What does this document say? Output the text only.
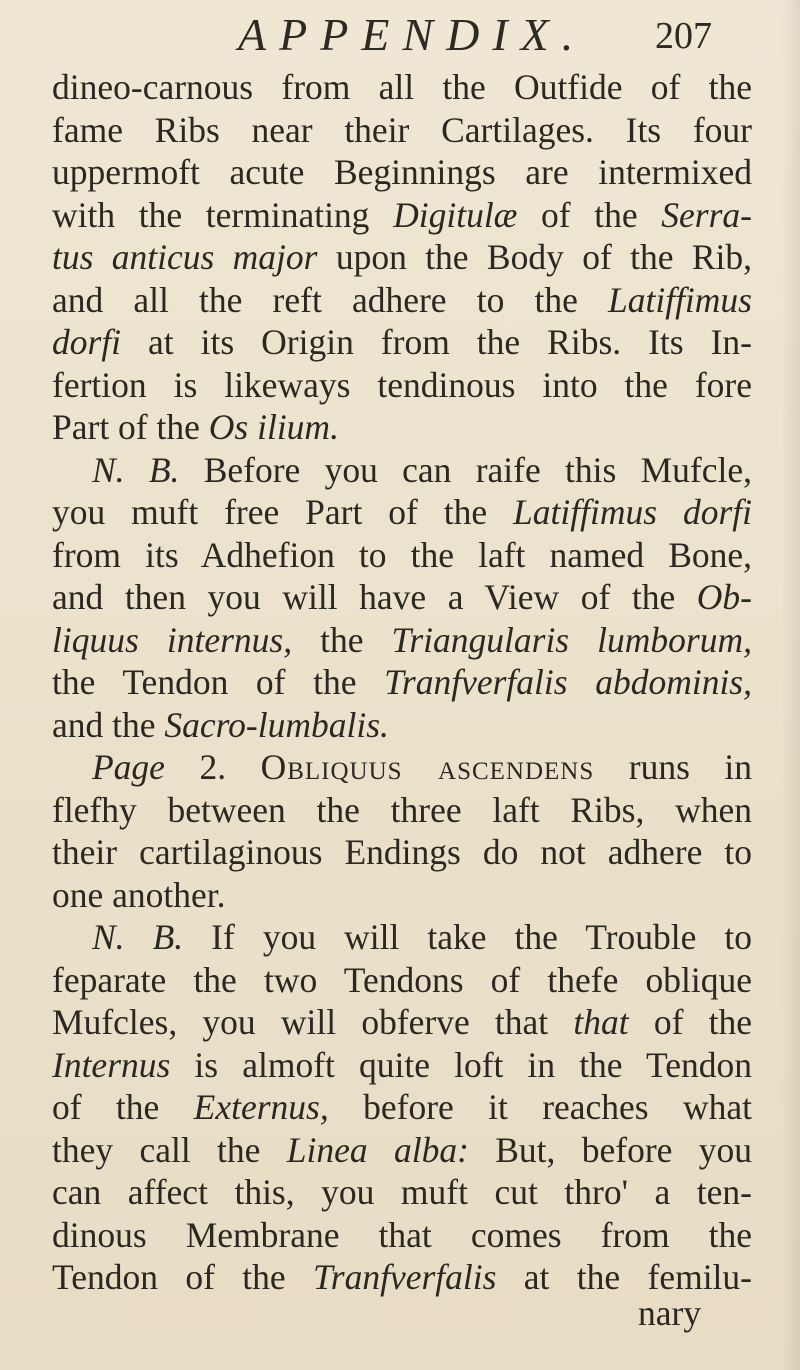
APPENDIX. 207
dineo-carnous from all the Outfide of the
fame Ribs near their Cartilages. Its four
uppermoft acute Beginnings are intermixed
with the terminating Digitulæ of the Serra-
tus anticus major upon the Body of the Rib,
and all the reft adhere to the Latiffimus
dorfi at its Origin from the Ribs. Its In-
fertion is likeways tendinous into the fore
Part of the Os ilium.
N. B. Before you can raife this Mufcle,
you muft free Part of the Latiffimus dorfi
from its Adhefion to the laft named Bone,
and then you will have a View of the Ob-
liquus internus, the Triangularis lumborum,
the Tendon of the Tranfverfalis abdominis,
and the Sacro-lumbalis.
Page 2. Obliquus ascendens runs in
flefhy between the three laft Ribs, when
their cartilaginous Endings do not adhere to
one another.
N. B. If you will take the Trouble to
feparate the two Tendons of thefe oblique
Mufcles, you will obferve that that of the
Internus is almoft quite loft in the Tendon
of the Externus, before it reaches what
they call the Linea alba: But, before you
can affect this, you muft cut thro' a ten-
dinous Membrane that comes from the
Tendon of the Tranfverfalis at the femilu-
nary
